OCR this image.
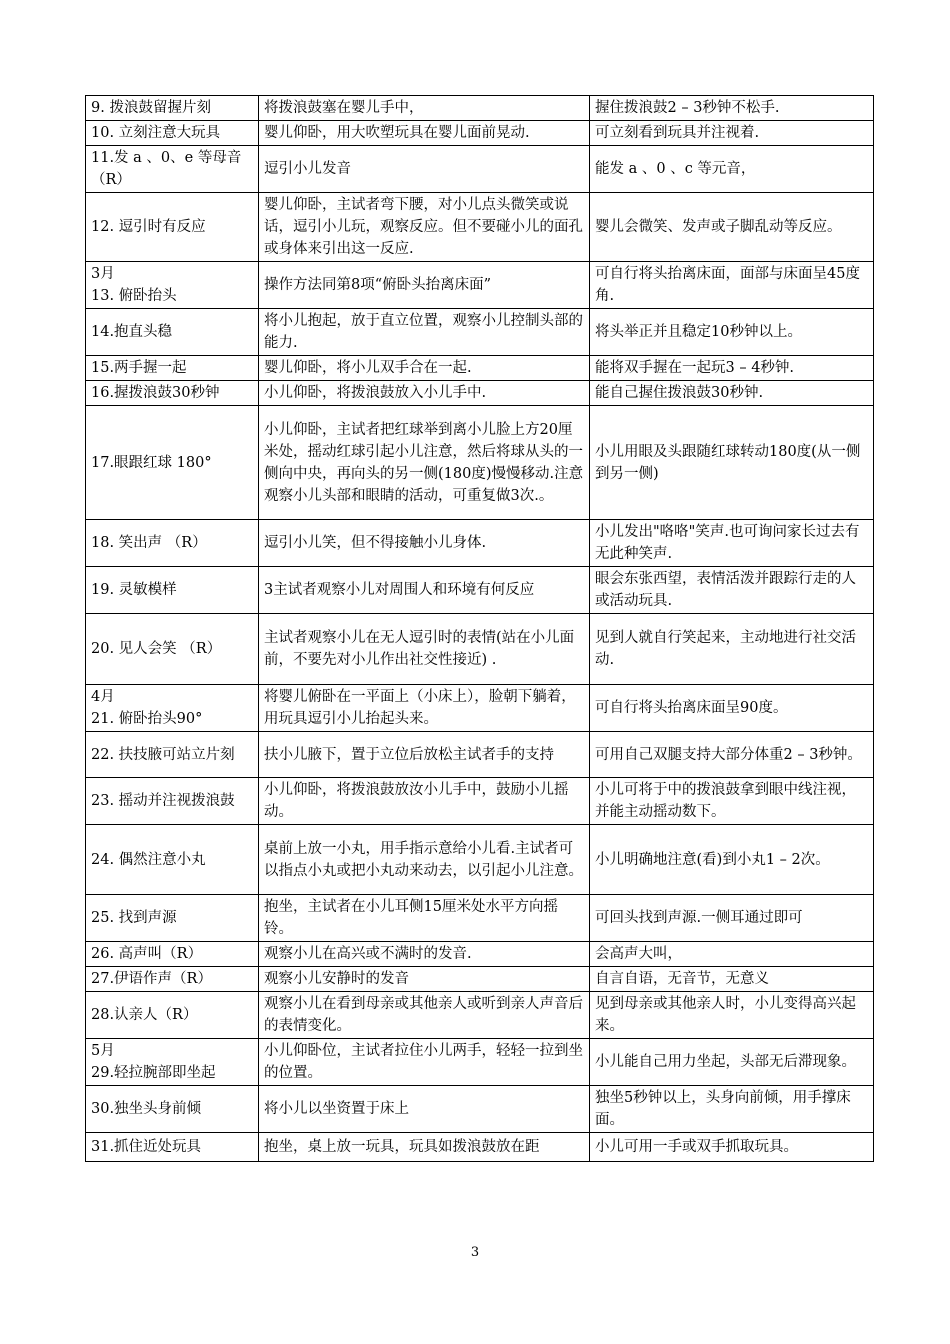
9. 拨浪鼓留握片刻	将拨浪鼓塞在婴儿手中，	握住拨浪鼓2 – 3秒钟不松手.
10. 立刻注意大玩具	婴儿仰卧，用大吹塑玩具在婴儿面前晃动.	可立刻看到玩具并注视着.
11.发 a 、0、e 等母音（R）	逗引小儿发音	能发 a 、0 、c 等元音，
12. 逗引时有反应	婴儿仰卧，主试者弯下腰，对小儿点头微笑或说话，逗引小儿玩，观察反应。但不要碰小儿的面孔或身体来引出这一反应.	婴儿会微笑、发声或子脚乱动等反应。
3月
13. 俯卧抬头	操作方法同第8项“俯卧头抬离床面”	可自行将头抬离床面，面部与床面呈45度角.
14.抱直头稳	将小儿抱起，放于直立位置，观察小儿控制头部的能力.	将头举正并且稳定10秒钟以上。
15.两手握一起	婴儿仰卧，将小儿双手合在一起.	能将双手握在一起玩3 – 4秒钟.
16.握拨浪鼓30秒钟	小儿仰卧，将拨浪鼓放入小儿手中.	能自己握住拨浪鼓30秒钟.
17.眼跟红球 180°	小儿仰卧，主试者把红球举到离小儿脸上方20厘米处，摇动红球引起小儿注意，然后将球从头的一侧向中央，再向头的另一侧(180度)慢慢移动.注意观察小儿头部和眼睛的活动，可重复做3次.。	小儿用眼及头跟随红球转动180度(从一侧到另一侧)
18. 笑出声 （R）	逗引小儿笑，但不得接触小儿身体.	小儿发出"咯咯"笑声.也可询问家长过去有无此种笑声.
19. 灵敏模样	3主试者观察小儿对周围人和环境有何反应	眼会东张西望，表情活泼并跟踪行走的人或活动玩具.
20. 见人会笑 （R）	主试者观察小儿在无人逗引时的表情(站在小儿面前，不要先对小儿作出社交性接近) .	见到人就自行笑起来，主动地进行社交活动.
4月
21. 俯卧抬头90°	将婴儿俯卧在一平面上（小床上），脸朝下躺着，用玩具逗引小儿抬起头来。	可自行将头抬离床面呈90度。
22. 扶技腋可站立片刻	扶小儿腋下，置于立位后放松主试者手的支持	可用自己双腿支持大部分体重2 – 3秒钟。
23. 摇动并注视拨浪鼓	小儿仰卧，将拨浪鼓放汝小儿手中，鼓励小儿摇动。	小儿可将于中的拨浪鼓拿到眼中线注视，并能主动摇动数下。
24. 偶然注意小丸	桌前上放一小丸，用手指示意给小儿看.主试者可以指点小丸或把小丸动来动去，以引起小儿注意。	小儿明确地注意(看)到小丸1 – 2次。
25. 找到声源	抱坐，主试者在小儿耳侧15厘米处水平方向摇铃。	可回头找到声源.一侧耳通过即可
26. 高声叫（R）	观察小儿在高兴或不满时的发音.	会高声大叫，
27.伊语作声（R）	观察小儿安静时的发音	自言自语，无音节，无意义
28.认亲人（R）	观察小儿在看到母亲或其他亲人或听到亲人声音后的表情变化。	见到母亲或其他亲人时，小儿变得高兴起来。
5月
29.轻拉腕部即坐起	小儿仰卧位，主试者拉住小儿两手，轻轻一拉到坐的位置。	小儿能自己用力坐起，头部无后滞现象。
30.独坐头身前倾	将小儿以坐资置于床上	独坐5秒钟以上，头身向前倾，用手撑床面。
31.抓住近处玩具	抱坐，桌上放一玩具，玩具如拨浪鼓放在距	小儿可用一手或双手抓取玩具。
3
